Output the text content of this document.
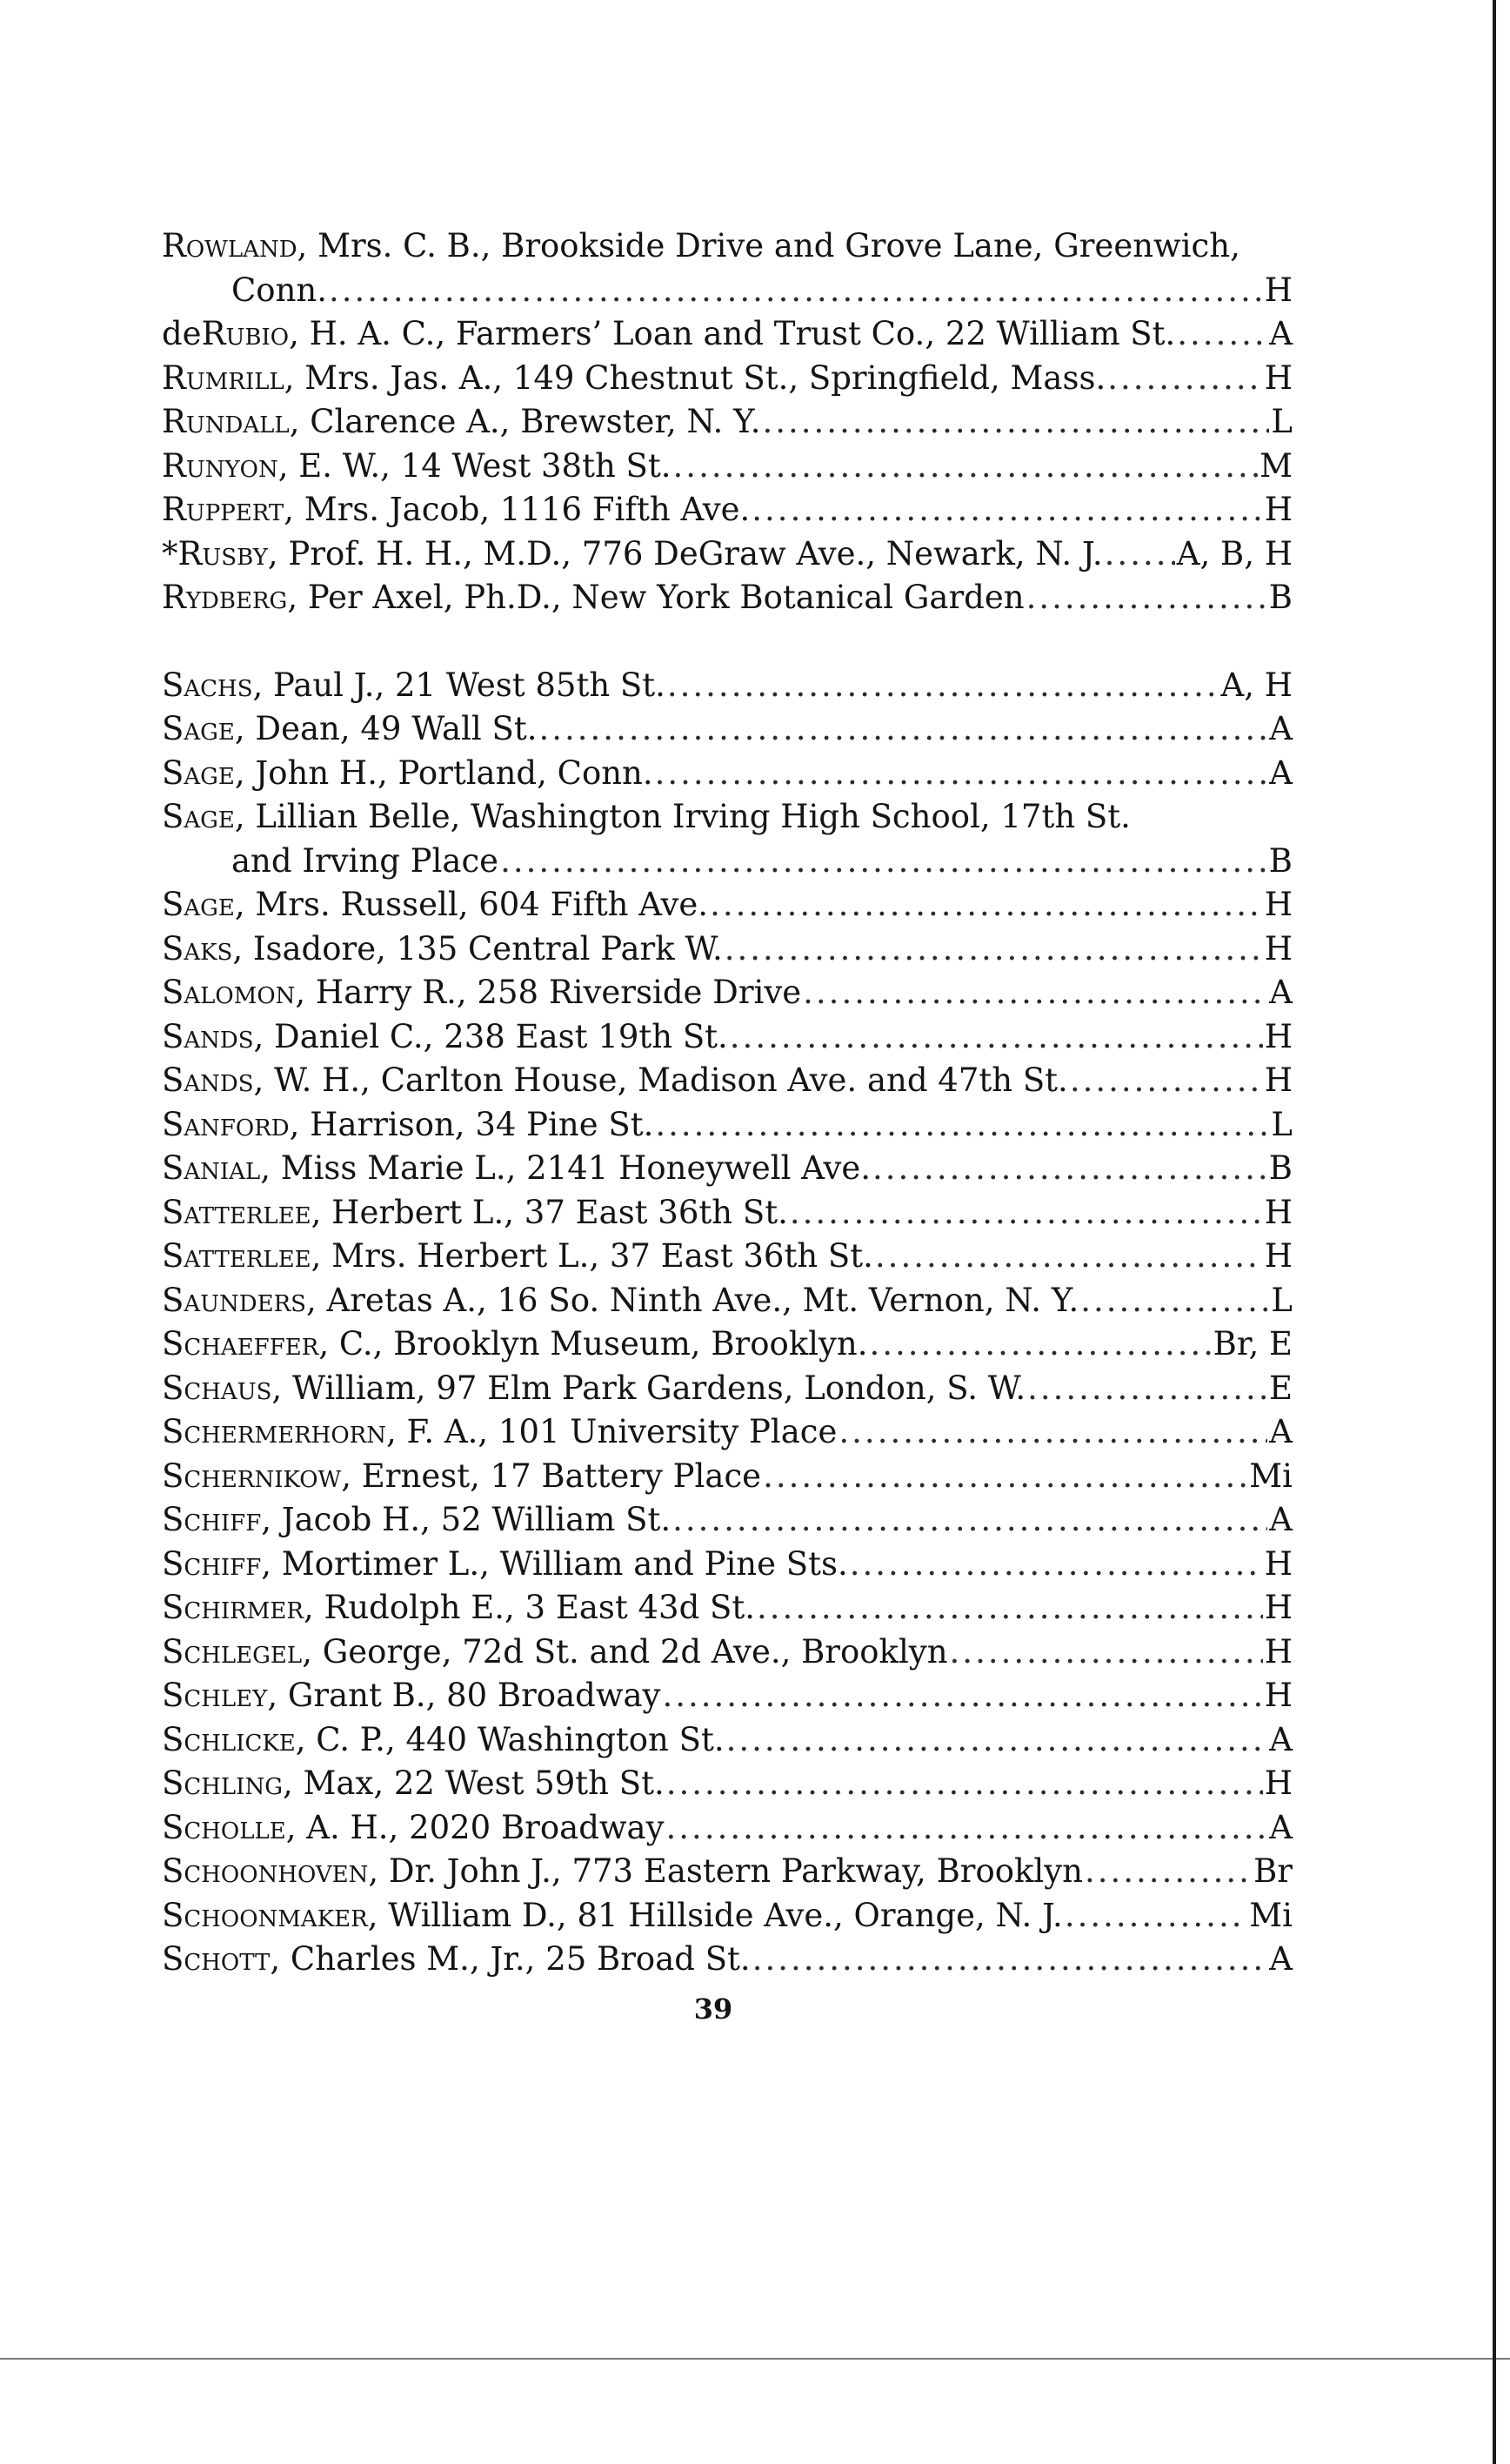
Rowland , Mrs. C. B., Brookside Drive and Grove Lane, Greenwich,
Conn. .....	H
de Rubio , H. A. C., Farmers’ Loan and Trust Co., 22 William St. .....	A
Rumrill , Mrs. Jas. A., 149 Chestnut St., Springfield, Mass. .....	H
Rundall , Clarence A., Brewster, N. Y. .....	L
Runyon , E. W., 14 West 38th St. .....	M
Ruppert , Mrs. Jacob, 1116 Fifth Ave. .....	H
* Rusby , Prof. H. H., M.D., 776 DeGraw Ave., Newark, N. J. ..... A, B, H
Rydberg , Per Axel, Ph.D., New York Botanical Garden .....	B
Sachs , Paul J., 21 West 85th St. .....	A, H
Sage , Dean, 49 Wall St. .....	A
Sage , John H., Portland, Conn. .....	A
Sage , Lillian Belle, Washington Irving High School, 17th St.
and Irving Place .....	B
Sage , Mrs. Russell, 604 Fifth Ave. .....	H
Saks , Isadore, 135 Central Park W. .....	H
Salomon , Harry R., 258 Riverside Drive .....	A
Sands , Daniel C., 238 East 19th St. .....	H
Sands , W. H., Carlton House, Madison Ave. and 47th St. .....	H
Sanford , Harrison, 34 Pine St. .....	L
Sanial , Miss Marie L., 2141 Honeywell Ave. .....	B
Satterlee , Herbert L., 37 East 36th St. .....	H
Satterlee , Mrs. Herbert L., 37 East 36th St. .....	H
Saunders , Aretas A., 16 So. Ninth Ave., Mt. Vernon, N. Y. .....	L
Schaeffer , C., Brooklyn Museum, Brooklyn. .....	Br, E
Schaus , William, 97 Elm Park Gardens, London, S. W. .....	E
Schermerhorn , F. A., 101 University Place .....	A
Schernikow , Ernest, 17 Battery Place .....	Mi
Schiff , Jacob H., 52 William St. .....	A
Schiff , Mortimer L., William and Pine Sts. .....	H
Schirmer , Rudolph E., 3 East 43d St. .....	H
Schlegel , George, 72d St. and 2d Ave., Brooklyn .....	H
Schley , Grant B., 80 Broadway .....	H
Schlicke , C. P., 440 Washington St. .....	A
Schling , Max, 22 West 59th St. .....	H
Scholle , A. H., 2020 Broadway .....	A
Schoonhoven , Dr. John J., 773 Eastern Parkway, Brooklyn .....	Br
Schoonmaker , William D., 81 Hillside Ave., Orange, N. J. .....	Mi
Schott , Charles M., Jr., 25 Broad St. .....	A
39
